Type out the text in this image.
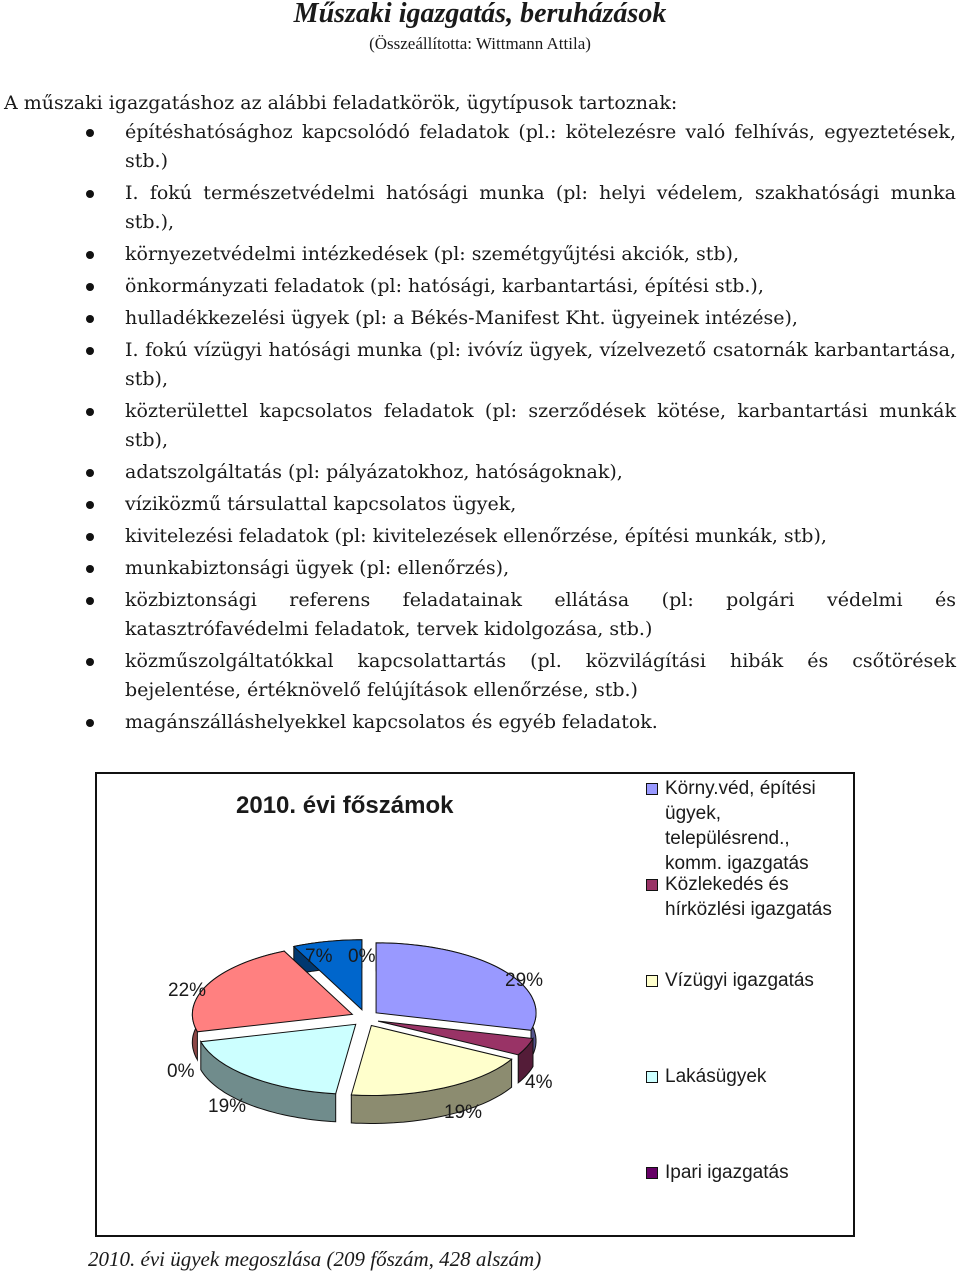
Műszaki igazgatás, beruházások
(Összeállította: Wittmann Attila)
A műszaki igazgatáshoz az alábbi feladatkörök, ügytípusok tartoznak:
építéshatósághoz kapcsolódó feladatok (pl.: kötelezésre való felhívás, egyeztetések, stb.)
I. fokú természetvédelmi hatósági munka (pl: helyi védelem, szakhatósági munka stb.),
környezetvédelmi intézkedések (pl: szemétgyűjtési akciók, stb),
önkormányzati feladatok (pl: hatósági, karbantartási, építési stb.),
hulladékkezelési ügyek (pl: a Békés-Manifest Kht. ügyeinek intézése),
I. fokú vízügyi hatósági munka (pl: ivóvíz ügyek, vízelvezető csatornák karbantartása, stb),
közterülettel kapcsolatos feladatok (pl: szerződések kötése, karbantartási munkák stb),
adatszolgáltatás (pl: pályázatokhoz, hatóságoknak),
víziközmű társulattal kapcsolatos ügyek,
kivitelezési feladatok (pl: kivitelezések ellenőrzése, építési munkák, stb),
munkabiztonsági ügyek (pl: ellenőrzés),
közbiztonsági referens feladatainak ellátása (pl: polgári védelmi és katasztrófavédelmi feladatok, tervek kidolgozása, stb.)
közműszolgáltatókkal kapcsolattartás (pl. közvilágítási hibák és csőtörések bejelentése, értéknövelő felújítások ellenőrzése, stb.)
magánszálláshelyekkel kapcsolatos és egyéb feladatok.
2010. évi főszámok
29%
4%
19%
19%
0%
22%
7% 0%
Körny.véd, építési ügyek, településrend., komm. igazgatás
Közlekedés és hírközlési igazgatás
Vízügyi igazgatás
Lakásügyek
Ipari igazgatás
2010. évi ügyek megoszlása (209 főszám, 428 alszám)
